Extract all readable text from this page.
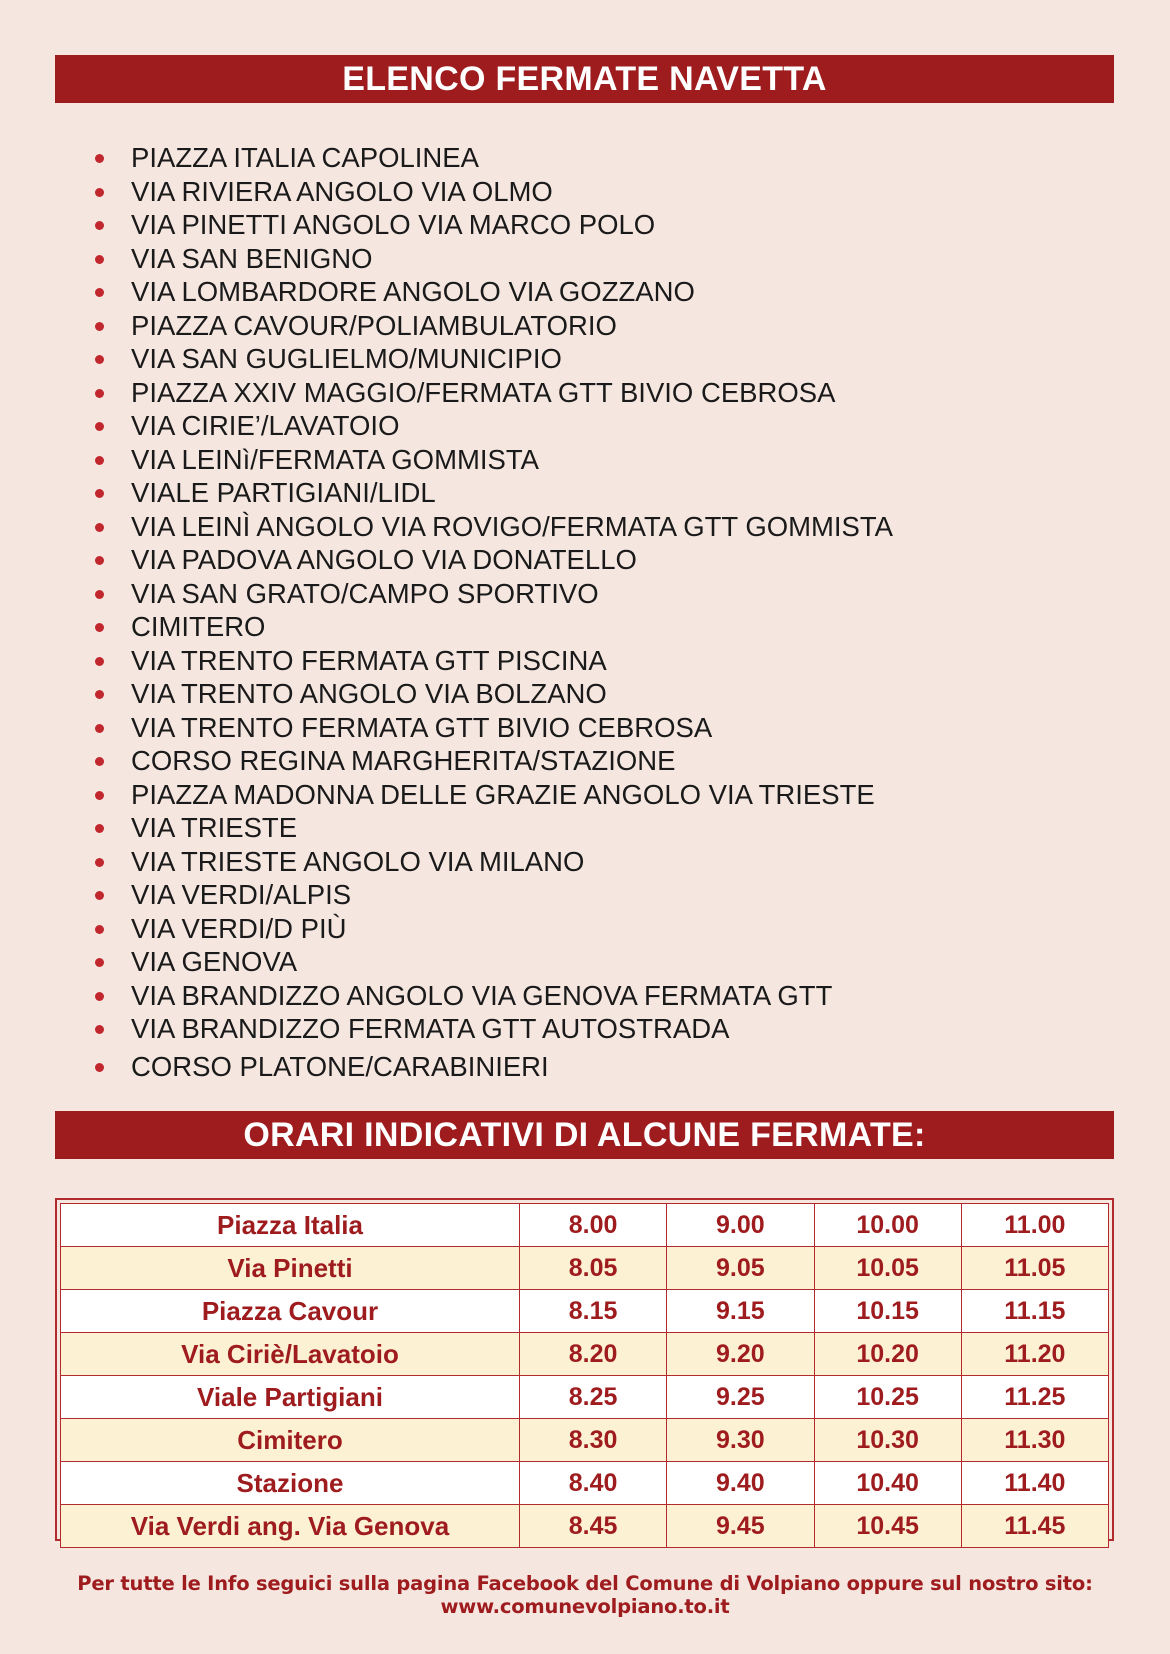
ELENCO FERMATE NAVETTA
PIAZZA ITALIA CAPOLINEA
VIA RIVIERA ANGOLO VIA OLMO
VIA PINETTI ANGOLO VIA MARCO POLO
VIA SAN BENIGNO
VIA LOMBARDORE ANGOLO VIA GOZZANO
PIAZZA CAVOUR/POLIAMBULATORIO
VIA SAN GUGLIELMO/MUNICIPIO
PIAZZA XXIV MAGGIO/FERMATA GTT BIVIO CEBROSA
VIA CIRIE’/LAVATOIO
VIA LEINì/FERMATA GOMMISTA
VIALE PARTIGIANI/LIDL
VIA LEINÌ ANGOLO VIA ROVIGO/FERMATA GTT GOMMISTA
VIA PADOVA ANGOLO VIA DONATELLO
VIA SAN GRATO/CAMPO SPORTIVO
CIMITERO
VIA TRENTO FERMATA GTT PISCINA
VIA TRENTO ANGOLO VIA BOLZANO
VIA TRENTO FERMATA GTT BIVIO CEBROSA
CORSO REGINA MARGHERITA/STAZIONE
PIAZZA MADONNA DELLE GRAZIE ANGOLO VIA TRIESTE
VIA TRIESTE
VIA TRIESTE ANGOLO VIA MILANO
VIA VERDI/ALPIS
VIA VERDI/D PIÙ
VIA GENOVA
VIA BRANDIZZO ANGOLO VIA GENOVA FERMATA GTT
VIA BRANDIZZO FERMATA GTT AUTOSTRADA
CORSO PLATONE/CARABINIERI
ORARI INDICATIVI DI ALCUNE FERMATE:
Piazza Italia	8.00	9.00	10.00	11.00
Via Pinetti	8.05	9.05	10.05	11.05
Piazza Cavour	8.15	9.15	10.15	11.15
Via Ciriè/Lavatoio	8.20	9.20	10.20	11.20
Viale Partigiani	8.25	9.25	10.25	11.25
Cimitero	8.30	9.30	10.30	11.30
Stazione	8.40	9.40	10.40	11.40
Via Verdi ang. Via Genova	8.45	9.45	10.45	11.45
Per tutte le Info seguici sulla pagina Facebook del Comune di Volpiano oppure sul nostro sito: www.comunevolpiano.to.it
